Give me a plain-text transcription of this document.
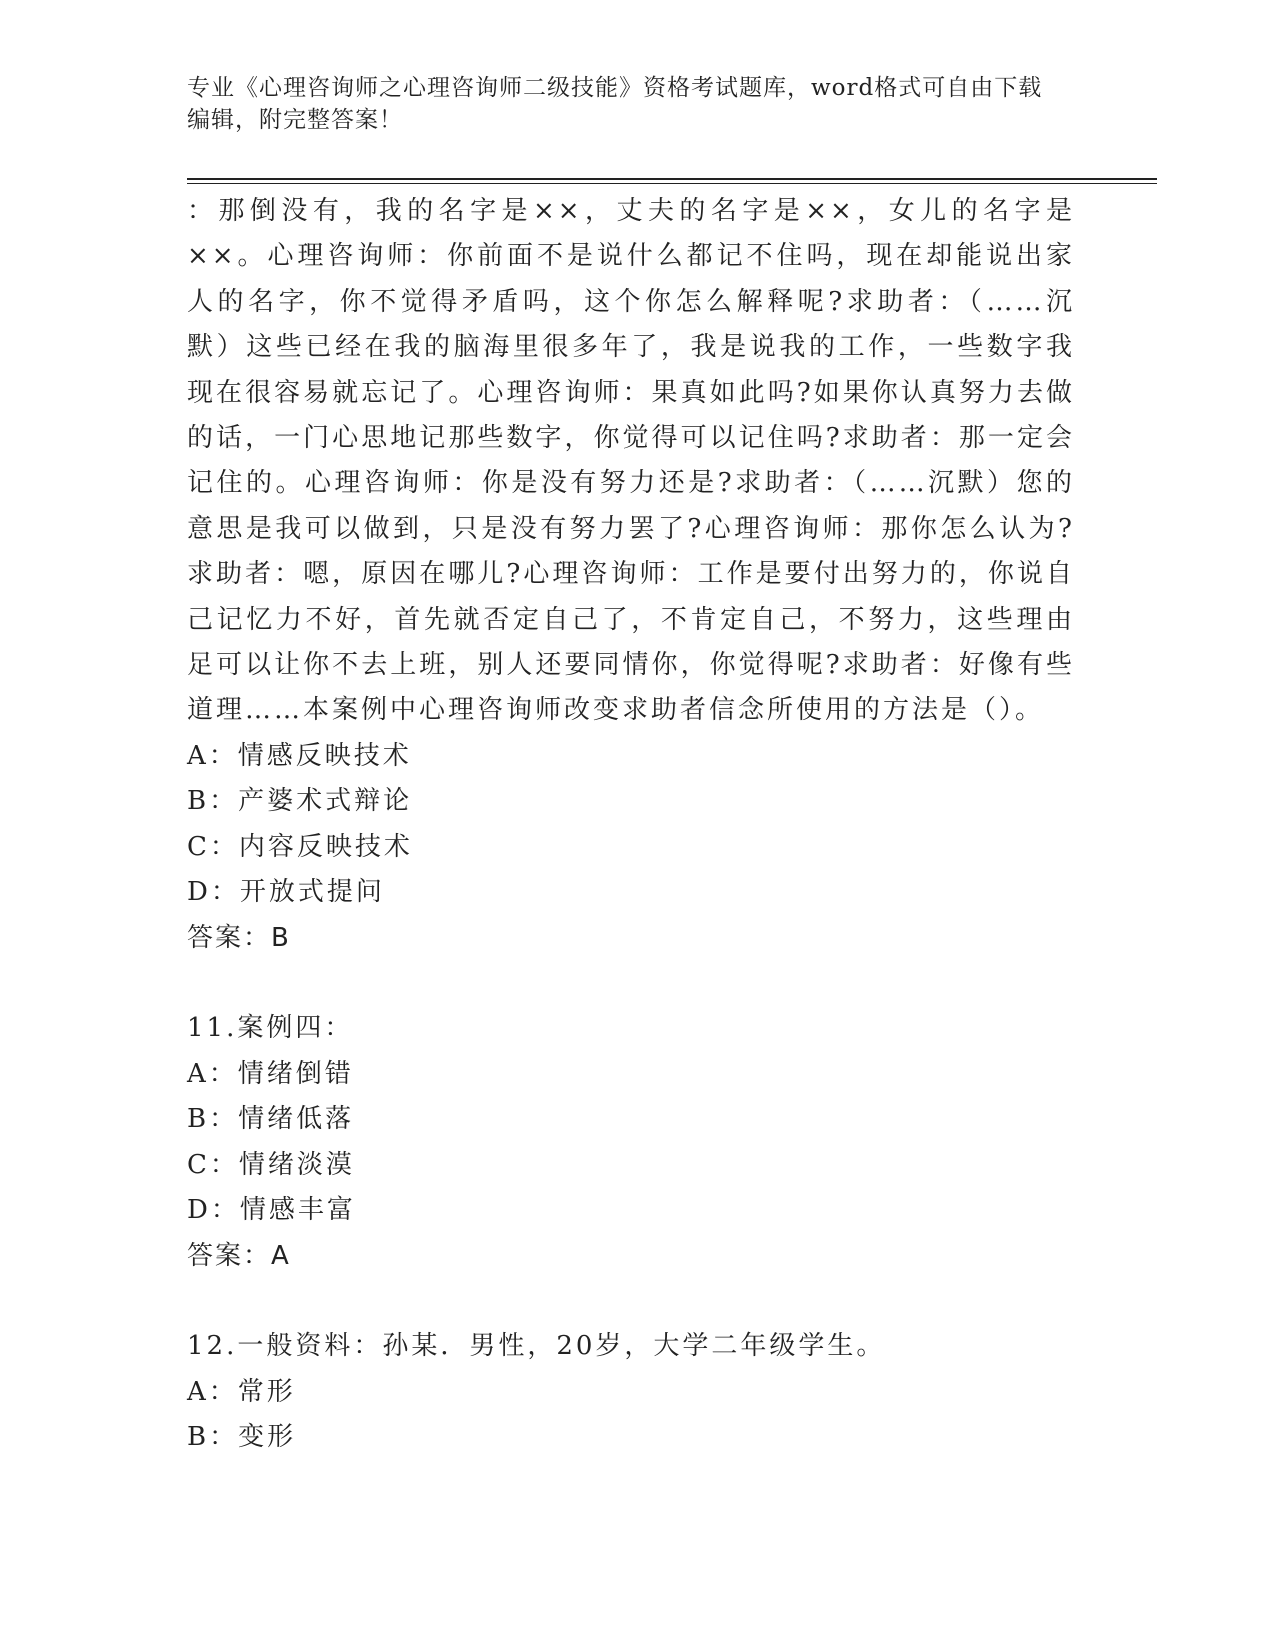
专业《心理咨询师之心理咨询师二级技能》资格考试题库，word格式可自由下载
编辑，附完整答案！

：那倒没有，我的名字是××，丈夫的名字是××，女儿的名字是××。心理咨询师：你前面不是说什么都记不住吗，现在却能说出家人的名字，你不觉得矛盾吗，这个你怎么解释呢?求助者：（……沉默）这些已经在我的脑海里很多年了，我是说我的工作，一些数字我现在很容易就忘记了。心理咨询师：果真如此吗?如果你认真努力去做的话，一门心思地记那些数字，你觉得可以记住吗?求助者：那一定会记住的。心理咨询师：你是没有努力还是?求助者：（……沉默）您的意思是我可以做到，只是没有努力罢了?心理咨询师：那你怎么认为?求助者：嗯，原因在哪儿?心理咨询师：工作是要付出努力的，你说自己记忆力不好，首先就否定自己了，不肯定自己，不努力，这些理由足可以让你不去上班，别人还要同情你，你觉得呢?求助者：好像有些道理……本案例中心理咨询师改变求助者信念所使用的方法是（）。

A：情感反映技术

B：产婆术式辩论

C：内容反映技术

D：开放式提问

答案：B

11.案例四：

A：情绪倒错

B：情绪低落

C：情绪淡漠

D：情感丰富

答案：A

12.一般资料：孙某．男性，20岁，大学二年级学生。

A：常形

B：变形
